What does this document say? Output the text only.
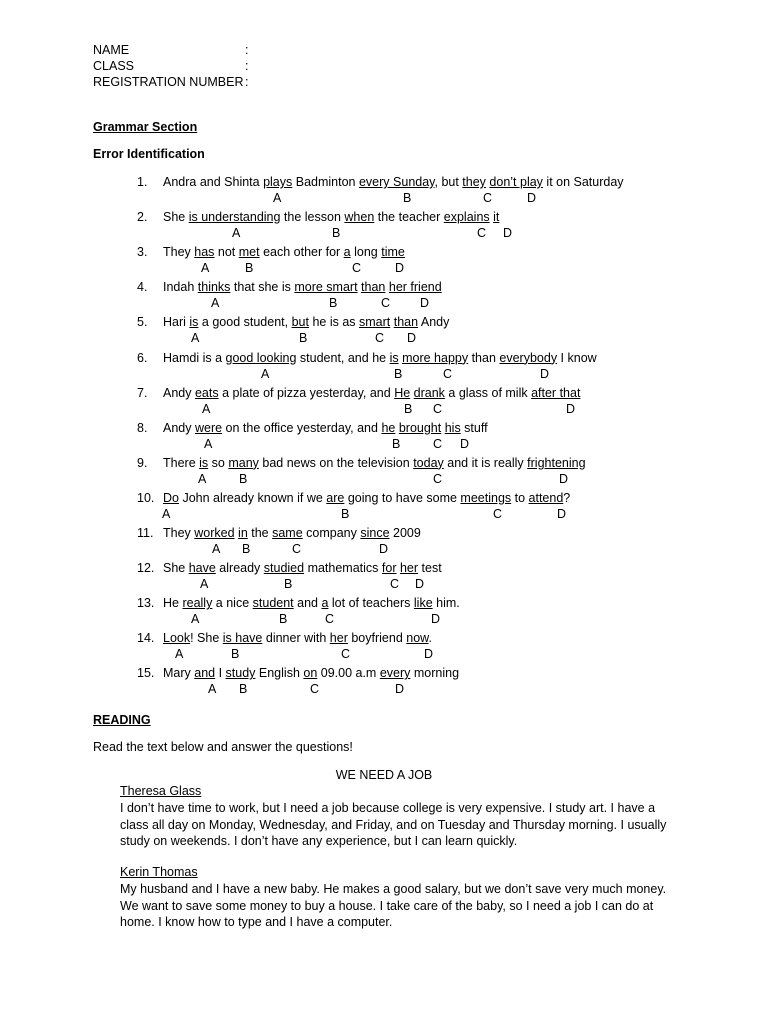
NAME	:
CLASS	:
REGISTRATION NUMBER :
Grammar Section
Error Identification
1. Andra and Shinta plays Badminton every Sunday, but they don’t play it on Saturday
A	B	C	D
2. She is understanding the lesson when the teacher explains it
A	B	C D
3. They has not met each other for a long time
A	B	C	D
4. Indah thinks that she is more smart than her friend
A	B	C D
5. Hari is a good student, but he is as smart than Andy
A	B	C D
6. Hamdi is a good looking student, and he is more happy than everybody I know
A	B	C	D
7. Andy eats a plate of pizza yesterday, and He drank a glass of milk after that
A	B C	D
8. Andy were on the office yesterday, and he brought his stuff
A	B	C D
9. There is so many bad news on the television today and it is really frightening
A	B	C	D
10. Do John already known if we are going to have some meetings to attend?
A	B	C	D
11. They worked in the same company since 2009
A B	C	D
12. She have already studied mathematics for her test
A	B	C D
13. He really a nice student and a lot of teachers like him.
A	B	C	D
14. Look! She is have dinner with her boyfriend now.
A	B	C	D
15. Mary and I study English on 09.00 a.m every morning
A B	C	D
READING
Read the text below and answer the questions!
WE NEED A JOB
Theresa Glass
I don’t have time to work, but I need a job because college is very expensive. I study art. I have a class all day on Monday, Wednesday, and Friday, and on Tuesday and Thursday morning. I usually study on weekends. I don’t have any experience, but I can learn quickly.
Kerin Thomas
My husband and I have a new baby. He makes a good salary, but we don’t save very much money. We want to save some money to buy a house. I take care of the baby, so I need a job I can do at home. I know how to type and I have a computer.
